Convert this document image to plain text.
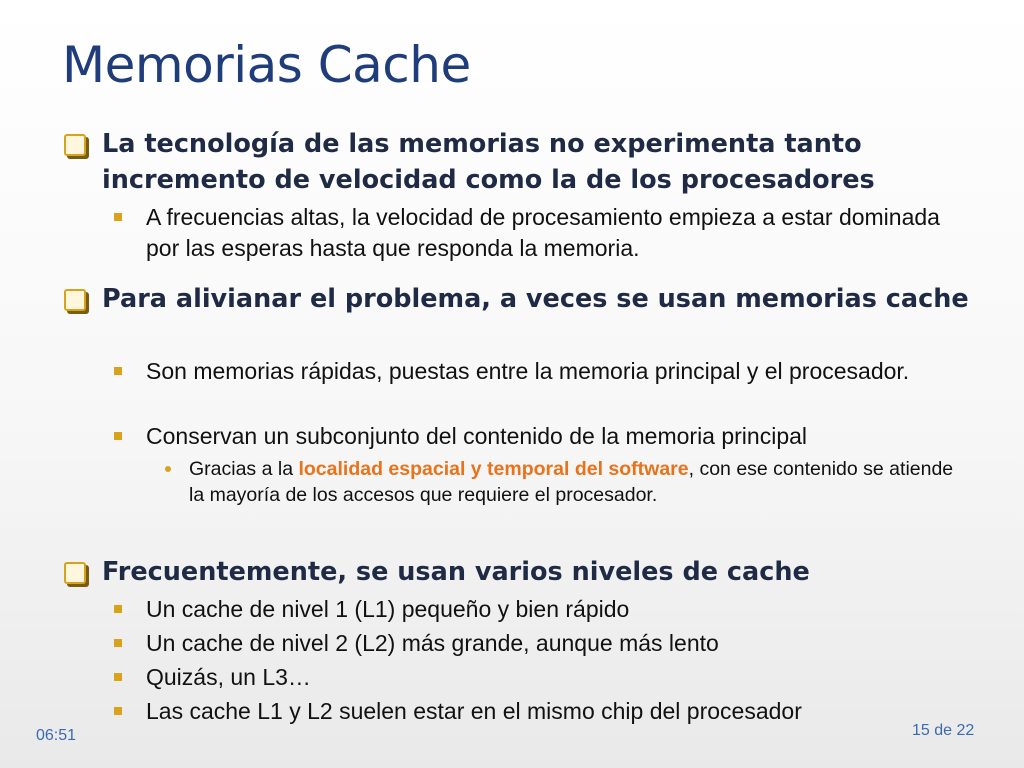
Memorias Cache
La tecnología de las memorias no experimenta tanto incremento de velocidad como la de los procesadores
A frecuencias altas, la velocidad de procesamiento empieza a estar dominada por las esperas hasta que responda la memoria.
Para alivianar el problema, a veces se usan memorias cache
Son memorias rápidas, puestas entre la memoria principal y el procesador.
Conservan un subconjunto del contenido de la memoria principal
Gracias a la localidad espacial y temporal del software, con ese contenido se atiende la mayoría de los accesos que requiere el procesador.
Frecuentemente, se usan varios niveles de cache
Un cache de nivel 1 (L1) pequeño y bien rápido
Un cache de nivel 2 (L2) más grande, aunque más lento
Quizás, un L3…
Las cache L1 y L2 suelen estar en el mismo chip del procesador
06:51	15 de 22
